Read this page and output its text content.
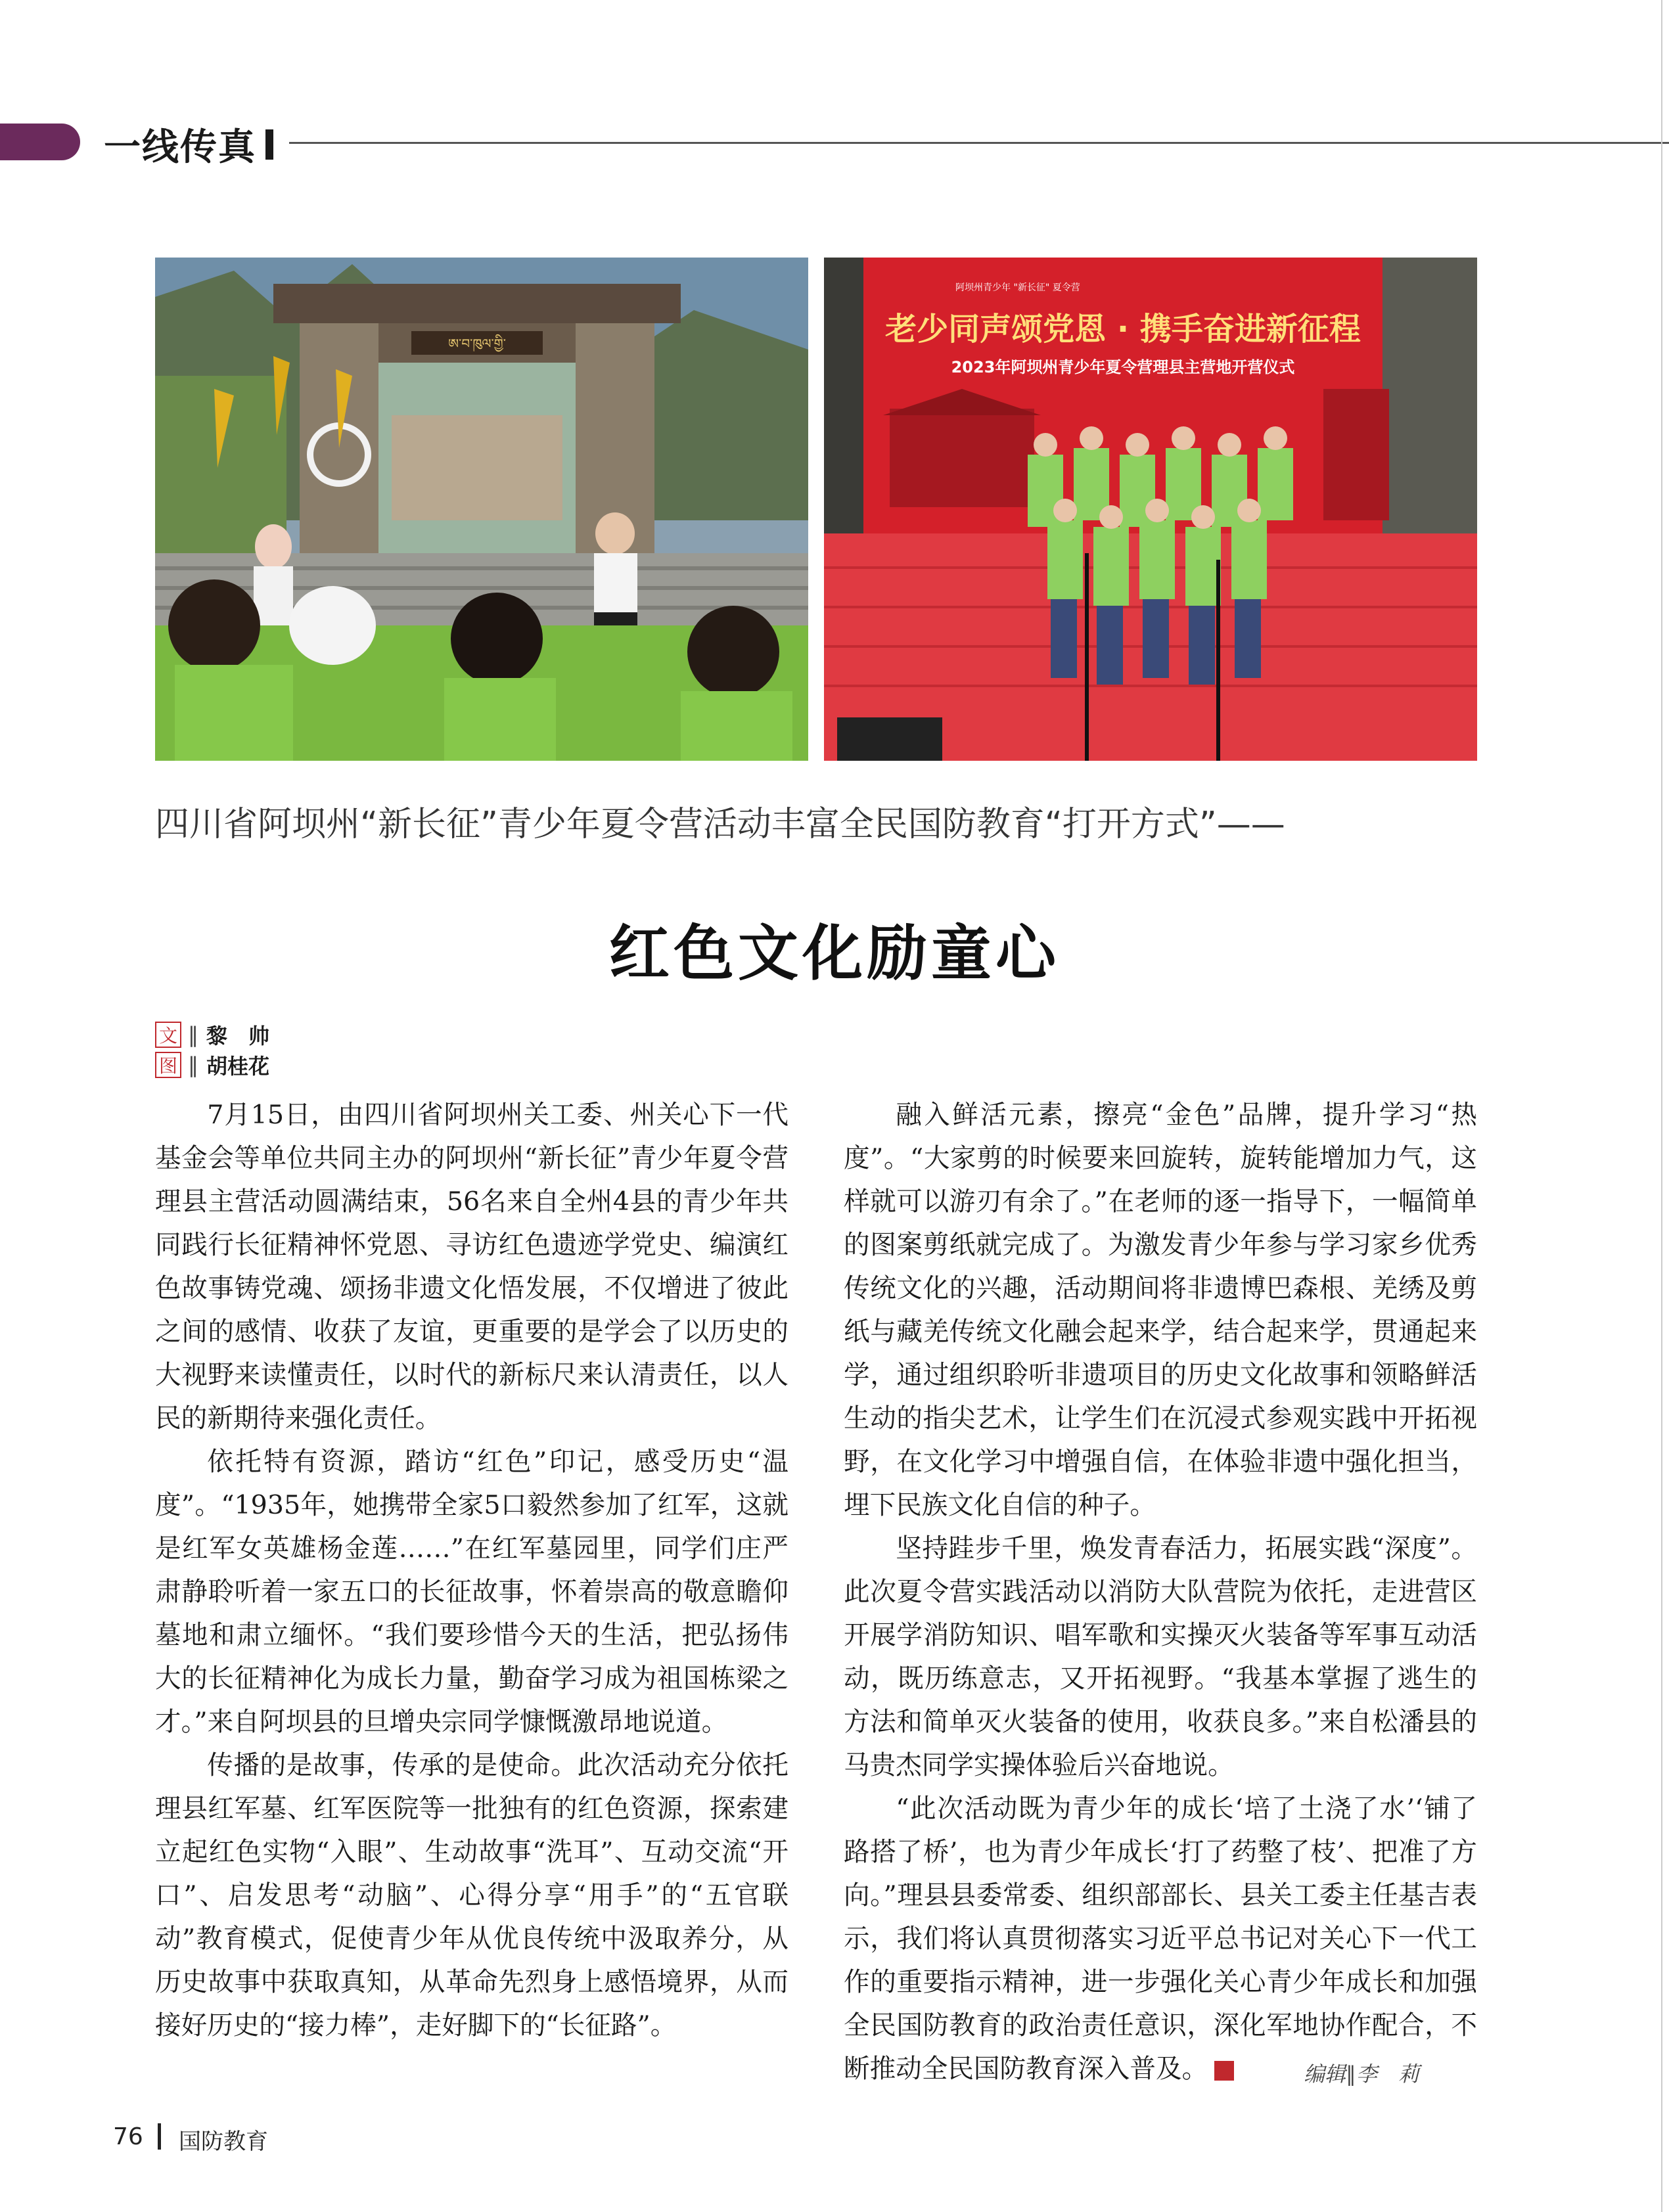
一线传真
ཨ་བ་ཁུལ་གྱི་
阿坝州青少年 "新长征" 夏令营
老少同声颂党恩 · 携手奋进新征程
2023年阿坝州青少年夏令营理县主营地开营仪式
四川省阿坝州“新长征”青少年夏令营活动丰富全民国防教育“打开方式”——
红色文化励童心
文 ‖ 黎　帅
图 ‖ 胡桂花

7月15日，由四川省阿坝州关工委、州关心下一代基金会等单位共同主办的阿坝州“新长征”青少年夏令营理县主营活动圆满结束，56名来自全州4县的青少年共同践行长征精神怀党恩、寻访红色遗迹学党史、编演红色故事铸党魂、颂扬非遗文化悟发展，不仅增进了彼此之间的感情、收获了友谊，更重要的是学会了以历史的大视野来读懂责任，以时代的新标尺来认清责任，以人民的新期待来强化责任。

依托特有资源，踏访“红色”印记，感受历史“温度”。“1935年，她携带全家5口毅然参加了红军，这就是红军女英雄杨金莲……”在红军墓园里，同学们庄严肃静聆听着一家五口的长征故事，怀着崇高的敬意瞻仰墓地和肃立缅怀。“我们要珍惜今天的生活，把弘扬伟大的长征精神化为成长力量，勤奋学习成为祖国栋梁之才。”来自阿坝县的旦增央宗同学慷慨激昂地说道。

传播的是故事，传承的是使命。此次活动充分依托理县红军墓、红军医院等一批独有的红色资源，探索建立起红色实物“入眼”、生动故事“洗耳”、互动交流“开口”、启发思考“动脑”、心得分享“用手”的“五官联动”教育模式，促使青少年从优良传统中汲取养分，从历史故事中获取真知，从革命先烈身上感悟境界，从而接好历史的“接力棒”，走好脚下的“长征路”。

融入鲜活元素，擦亮“金色”品牌，提升学习“热度”。“大家剪的时候要来回旋转，旋转能增加力气，这样就可以游刃有余了。”在老师的逐一指导下，一幅简单的图案剪纸就完成了。为激发青少年参与学习家乡优秀传统文化的兴趣，活动期间将非遗博巴森根、羌绣及剪纸与藏羌传统文化融会起来学，结合起来学，贯通起来学，通过组织聆听非遗项目的历史文化故事和领略鲜活生动的指尖艺术，让学生们在沉浸式参观实践中开拓视野，在文化学习中增强自信，在体验非遗中强化担当，埋下民族文化自信的种子。

坚持跬步千里，焕发青春活力，拓展实践“深度”。此次夏令营实践活动以消防大队营院为依托，走进营区开展学消防知识、唱军歌和实操灭火装备等军事互动活动，既历练意志，又开拓视野。“我基本掌握了逃生的方法和简单灭火装备的使用，收获良多。”来自松潘县的马贵杰同学实操体验后兴奋地说。

“此次活动既为青少年的成长‘培了土浇了水’‘铺了路搭了桥’，也为青少年成长‘打了药整了枝’、把准了方向。”理县县委常委、组织部部长、县关工委主任基吉表示，我们将认真贯彻落实习近平总书记对关心下一代工作的重要指示精神，进一步强化关心青少年成长和加强全民国防教育的政治责任意识，深化军地协作配合，不断推动全民国防教育深入普及。	G	编辑∥李　莉
76 国防教育
